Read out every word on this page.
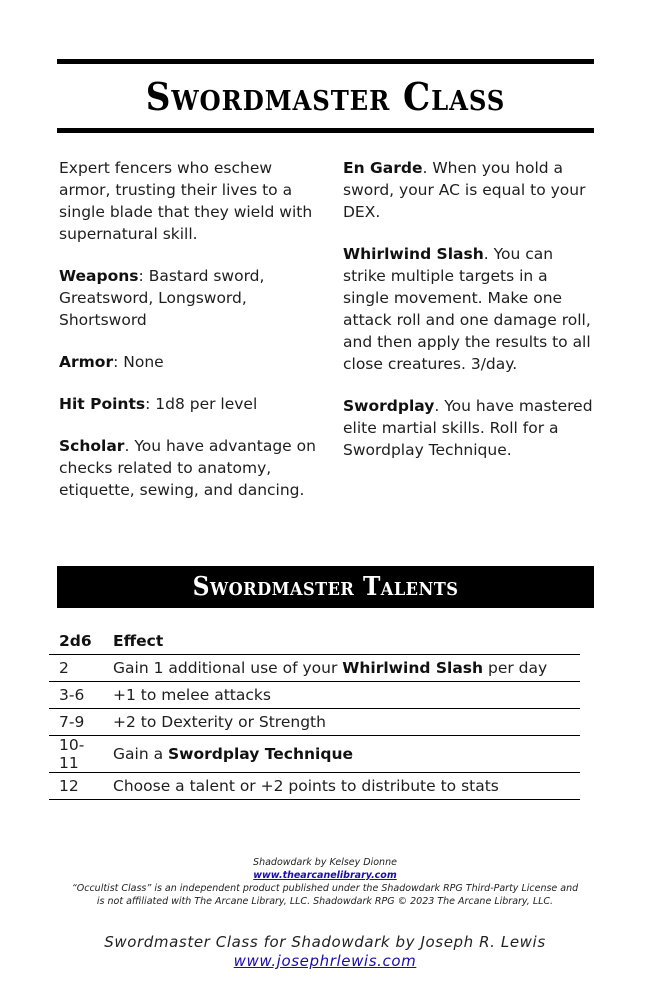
Swordmaster Class

Expert fencers who eschew armor, trusting their lives to a single blade that they wield with supernatural skill.

Weapons: Bastard sword, Greatsword, Longsword, Shortsword

Armor: None

Hit Points: 1d8 per level

Scholar. You have advantage on checks related to anatomy, etiquette, sewing, and dancing.

En Garde. When you hold a sword, your AC is equal to your DEX.

Whirlwind Slash. You can strike multiple targets in a single movement. Make one attack roll and one damage roll, and then apply the results to all close creatures. 3/day.

Swordplay. You have mastered elite martial skills. Roll for a Swordplay Technique.

Swordmaster Talents
2d6	Effect
2	Gain 1 additional use of your Whirlwind Slash per day
3-6	+1 to melee attacks
7-9	+2 to Dexterity or Strength
10-11	Gain a Swordplay Technique
12	Choose a talent or +2 points to distribute to stats
Shadowdark by Kelsey Dionne
www.thearcanelibrary.com
“Occultist Class” is an independent product published under the Shadowdark RPG Third-Party License and
is not affiliated with The Arcane Library, LLC. Shadowdark RPG © 2023 The Arcane Library, LLC.
Swordmaster Class for Shadowdark by Joseph R. Lewis
www.josephrlewis.com
